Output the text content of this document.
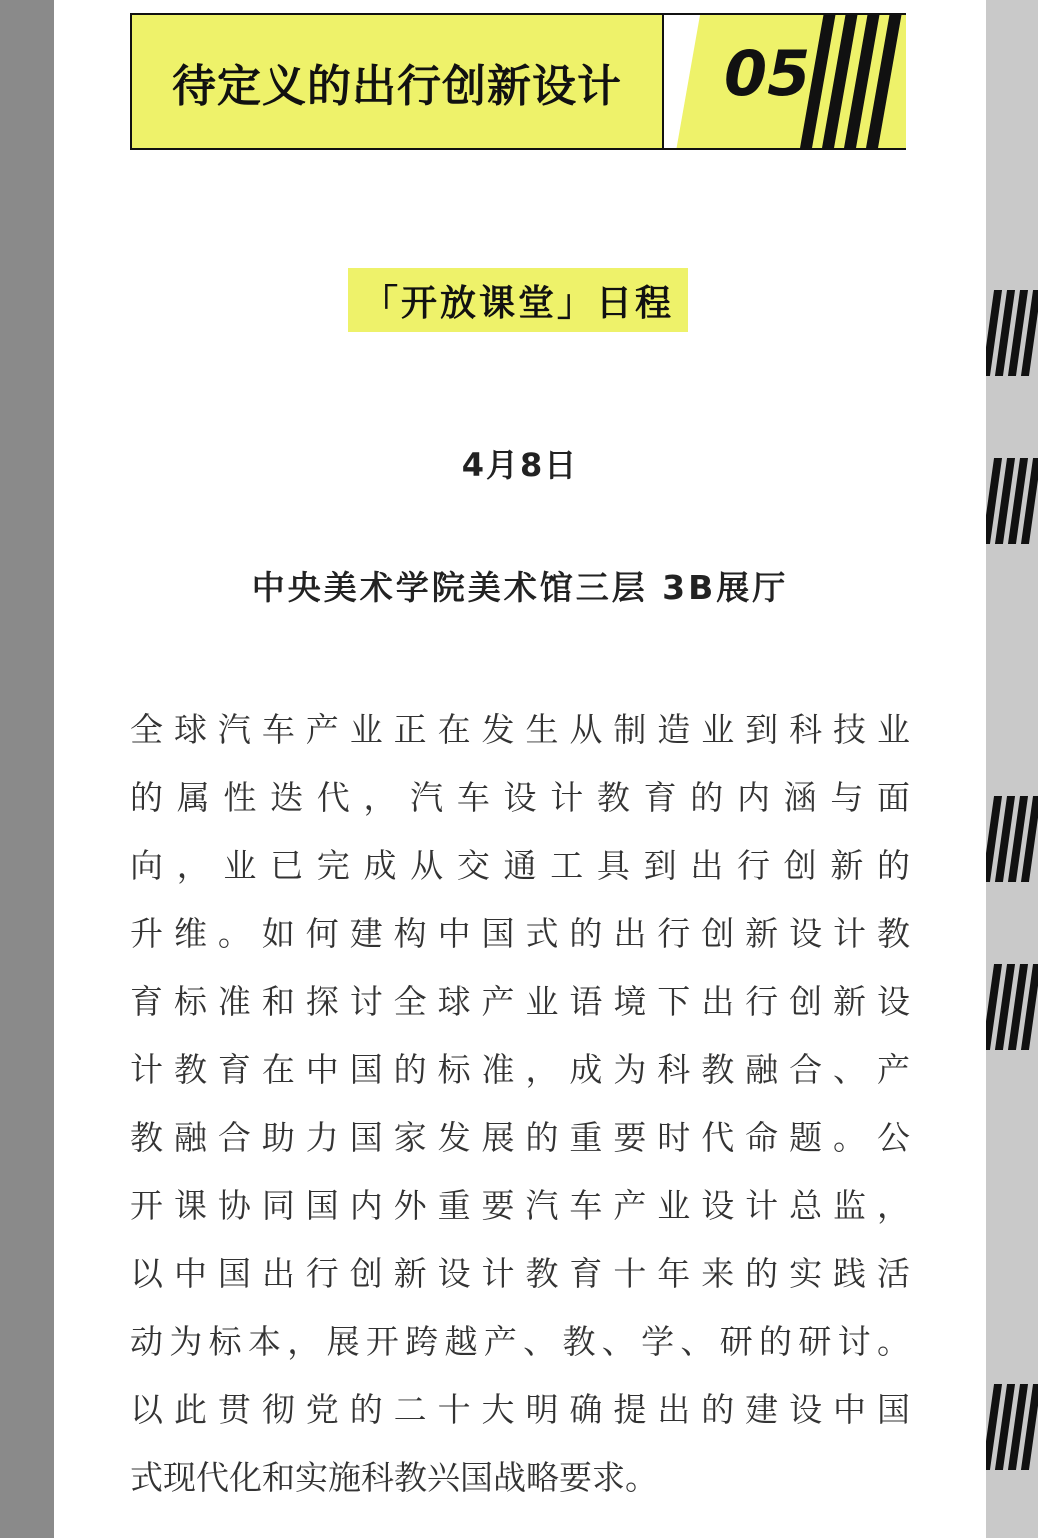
待定义的出行创新设计 05
「开放课堂」日程
4月8日
中央美术学院美术馆三层 3B展厅
全球汽车产业正在发生从制造业到科技业
的属性迭代，汽车设计教育的内涵与面
向，业已完成从交通工具到出行创新的
升维。如何建构中国式的出行创新设计教
育标准和探讨全球产业语境下出行创新设
计教育在中国的标准，成为科教融合、产
教融合助力国家发展的重要时代命题。公
开课协同国内外重要汽车产业设计总监，
以中国出行创新设计教育十年来的实践活
动为标本，展开跨越产、教、学、研的研讨。
以此贯彻党的二十大明确提出的建设中国
式现代化和实施科教兴国战略要求。
